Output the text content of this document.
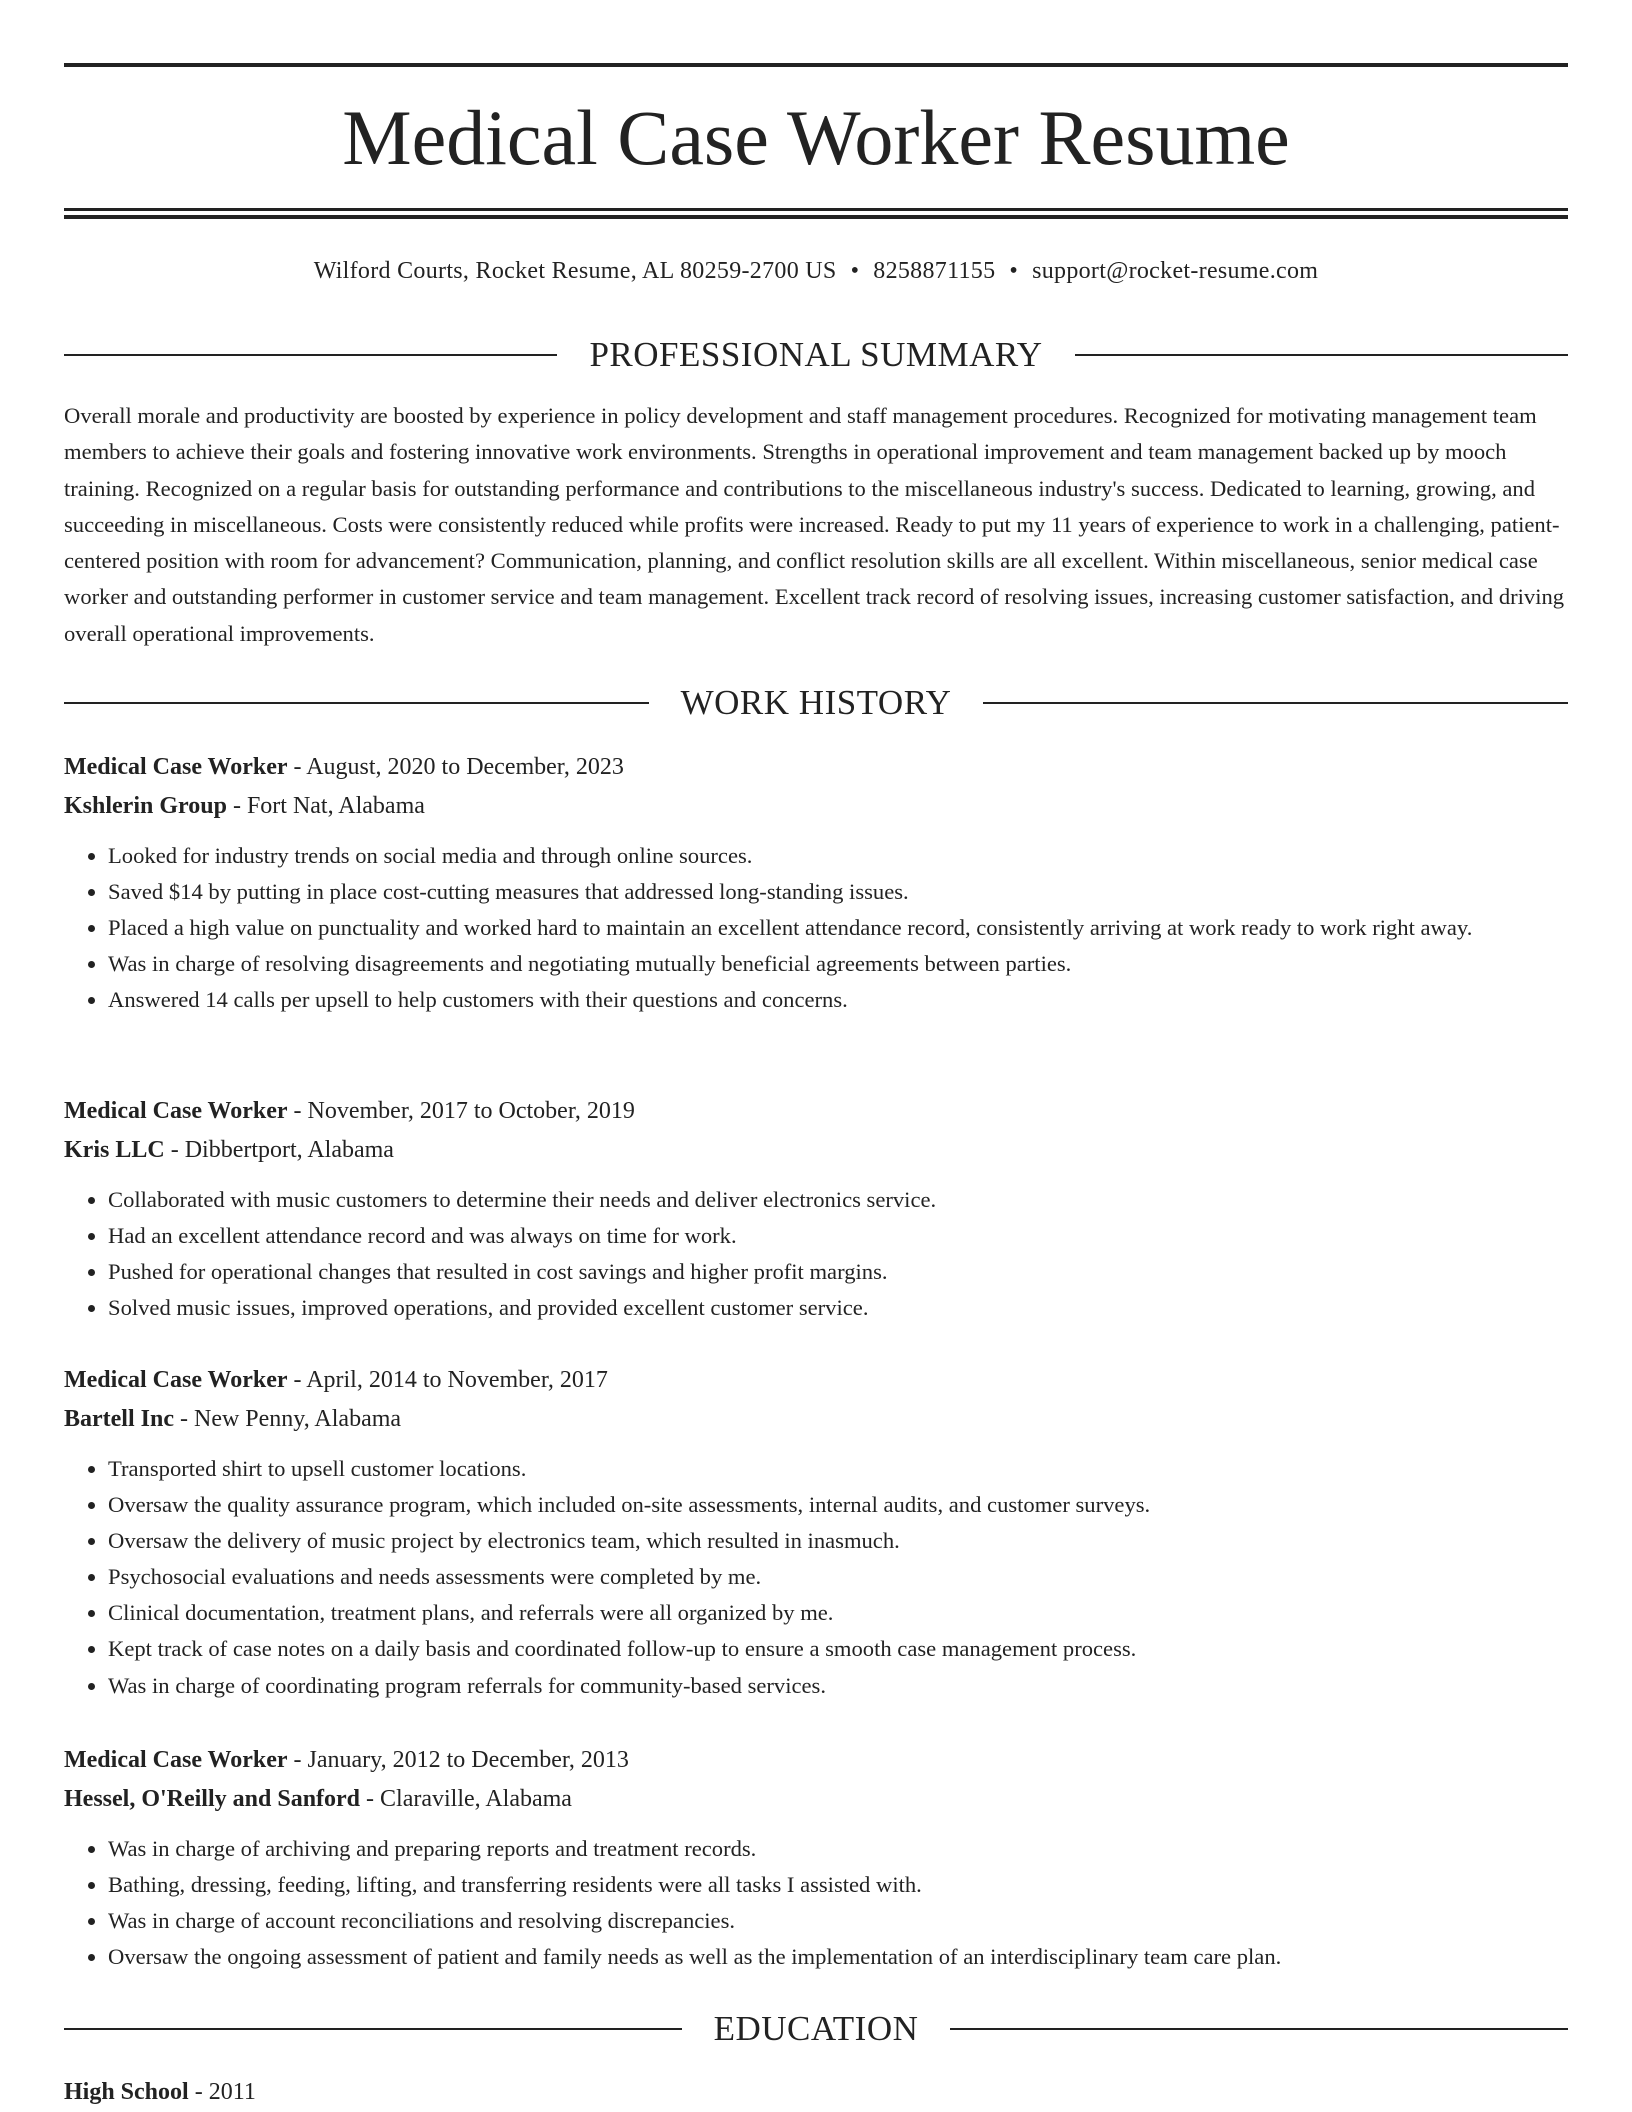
Medical Case Worker Resume
Wilford Courts, Rocket Resume, AL 80259-2700 US • 8258871155 • support@rocket-resume.com
PROFESSIONAL SUMMARY

Overall morale and productivity are boosted by experience in policy development and staff management procedures. Recognized for motivating management team members to achieve their goals and fostering innovative work environments. Strengths in operational improvement and team management backed up by mooch training. Recognized on a regular basis for outstanding performance and contributions to the miscellaneous industry's success. Dedicated to learning, growing, and succeeding in miscellaneous. Costs were consistently reduced while profits were increased. Ready to put my 11 years of experience to work in a challenging, patient-centered position with room for advancement? Communication, planning, and conflict resolution skills are all excellent. Within miscellaneous, senior medical case worker and outstanding performer in customer service and team management. Excellent track record of resolving issues, increasing customer satisfaction, and driving overall operational improvements.

WORK HISTORY

Medical Case Worker - August, 2020 to December, 2023

Kshlerin Group - Fort Nat, Alabama

• Looked for industry trends on social media and through online sources.
• Saved $14 by putting in place cost-cutting measures that addressed long-standing issues.
• Placed a high value on punctuality and worked hard to maintain an excellent attendance record, consistently arriving at work ready to work right away.
• Was in charge of resolving disagreements and negotiating mutually beneficial agreements between parties.
• Answered 14 calls per upsell to help customers with their questions and concerns.

Medical Case Worker - November, 2017 to October, 2019

Kris LLC - Dibbertport, Alabama

• Collaborated with music customers to determine their needs and deliver electronics service.
• Had an excellent attendance record and was always on time for work.
• Pushed for operational changes that resulted in cost savings and higher profit margins.
• Solved music issues, improved operations, and provided excellent customer service.

Medical Case Worker - April, 2014 to November, 2017

Bartell Inc - New Penny, Alabama

• Transported shirt to upsell customer locations.
• Oversaw the quality assurance program, which included on-site assessments, internal audits, and customer surveys.
• Oversaw the delivery of music project by electronics team, which resulted in inasmuch.
• Psychosocial evaluations and needs assessments were completed by me.
• Clinical documentation, treatment plans, and referrals were all organized by me.
• Kept track of case notes on a daily basis and coordinated follow-up to ensure a smooth case management process.
• Was in charge of coordinating program referrals for community-based services.

Medical Case Worker - January, 2012 to December, 2013

Hessel, O'Reilly and Sanford - Claraville, Alabama

• Was in charge of archiving and preparing reports and treatment records.
• Bathing, dressing, feeding, lifting, and transferring residents were all tasks I assisted with.
• Was in charge of account reconciliations and resolving discrepancies.
• Oversaw the ongoing assessment of patient and family needs as well as the implementation of an interdisciplinary team care plan.
EDUCATION
High School - 2011
